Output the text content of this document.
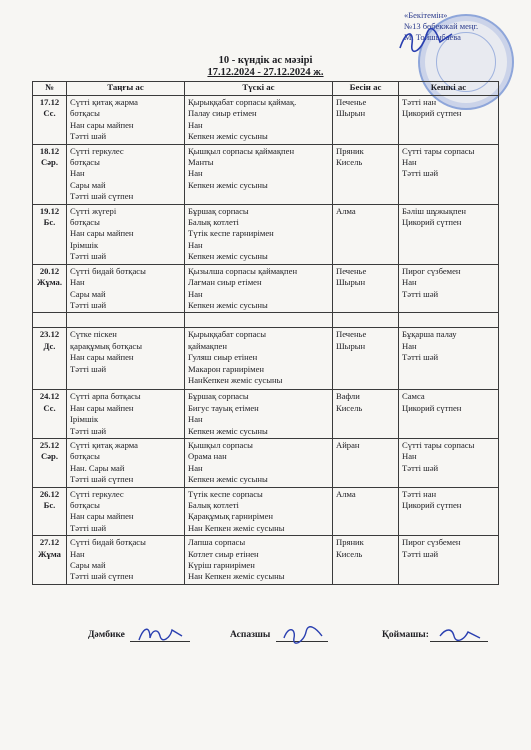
«Бекітемін»
№13 бөбекжай меңг.
М. Тойшыбаева
10 - күндік ас мәзірі
17.12.2024 - 27.12.2024 ж.
№	Таңғы ас	Түскі ас	Бесін ас	Кешкі ас

17.12
Сс.	Сүтті қитақ жарма
ботқасы
Нан сары майпен
Тәтті шәй	Қырыққабат сорпасы қаймақ.
Палау сиыр етімен
Нан
Кепкен жеміс сусыны	Печенье
Шырын	Тәтті нан
Цикорий сүтпен

18.12
Сәр.	Сүтті геркулес
ботқасы
Нан
Сары май
Тәтті шәй сүтпен	Қышқыл сорпасы қаймақпен
Манты
Нан
Кепкен жеміс сусыны	Пряник
Кисель	Сүтті тары сорпасы
Нан
Тәтті шәй

19.12
Бс.	Сүтті жүгері
ботқасы
Нан сары майпен
Ірімшік
Тәтті шәй	Бұршақ сорпасы
Балық котлеті
Түтік кеспе гарнирімен
Нан
Кепкен жеміс сусыны	Алма	Бәліш шұжықпен
Цикорий сүтпен

20.12
Жұма.	Сүтті бидай ботқасы
Нан
Сары май
Тәтті шәй	Қызылша сорпасы қаймақпен
Лағман сиыр етімен
Нан
Кепкен жеміс сусыны	Печенье
Шырын	Пирог сүзбемен
Нан
Тәтті шәй

23.12
Дс.	Сүтке піскен
қарақұмық ботқасы
Нан сары майпен
Тәтті шәй	Қырыққабат сорпасы
қаймақпен
Гуляш сиыр етінен
Макарон гарнирімен
НанКепкен жеміс сусыны	Печенье
Шырын	Бұқарша палау
Нан
Тәтті шәй

24.12
Сс.	Сүтті арпа ботқасы
Нан сары майпен
Ірімшік
Тәтті шәй	Бұршақ сорпасы
Бигус тауық етімен
Нан
Кепкен жеміс сусыны	Вафли
Кисель	Самса
Цикорий сүтпен

25.12
Сәр.	Сүтті қитақ жарма
ботқасы
Нан. Сары май
Тәтті шәй сүтпен	Қышқыл сорпасы
Орама нан
Нан
Кепкен жеміс сусыны	Айран	Сүтті тары сорпасы
Нан
Тәтті шәй

26.12
Бс.	Сүтті геркулес
ботқасы
Нан сары майпен
Тәтті шәй	Түтік кеспе сорпасы
Балық котлеті
Қарақұмық гарнирімен
Нан Кепкен жеміс сусыны	Алма	Тәтті нан
Цикорий сүтпен

27.12
Жұма	Сүтті бидай ботқасы
Нан
Сары май
Тәтті шәй сүтпен	Лапша сорпасы
Котлет сиыр етінен
Күріш гарнирімен
Нан Кепкен жеміс сусыны	Пряник
Кисель	Пирог сүзбемен
Тәтті шәй
Дәмбике	Аспазшы	Қоймашы:
